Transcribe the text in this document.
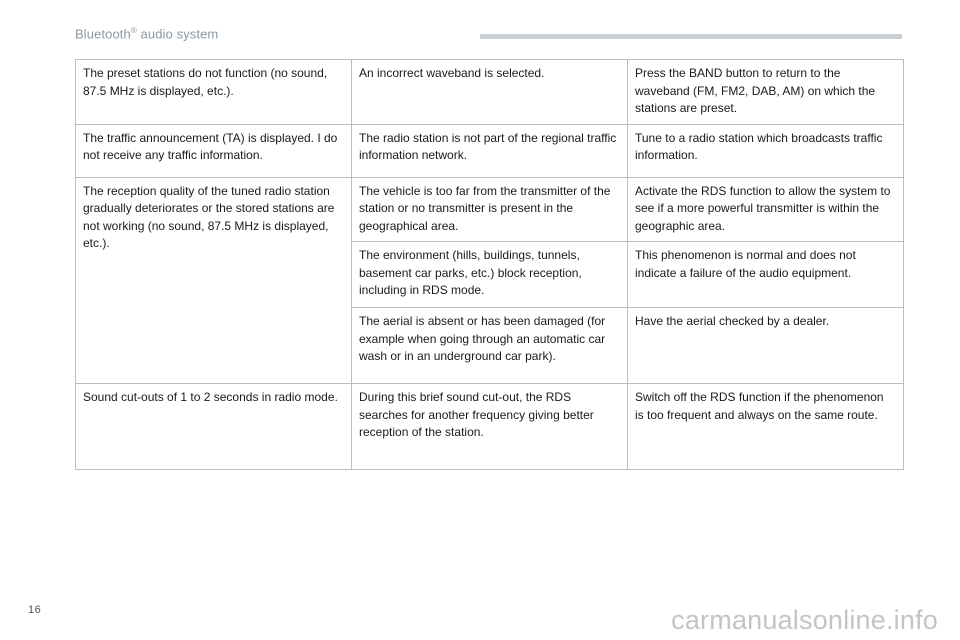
Bluetooth® audio system
The preset stations do not function (no sound, 87.5 MHz is displayed, etc.).	An incorrect waveband is selected.	Press the BAND button to return to the waveband (FM, FM2, DAB, AM) on which the stations are preset.
The traffic announcement (TA) is displayed. I do not receive any traffic information.	The radio station is not part of the regional traffic information network.	Tune to a radio station which broadcasts traffic information.
The reception quality of the tuned radio station gradually deteriorates or the stored stations are not working (no sound, 87.5 MHz is displayed, etc.).	The vehicle is too far from the transmitter of the station or no transmitter is present in the geographical area.	Activate the RDS function to allow the system to see if a more powerful transmitter is within the geographic area.
	The environment (hills, buildings, tunnels, basement car parks, etc.) block reception, including in RDS mode.	This phenomenon is normal and does not indicate a failure of the audio equipment.
	The aerial is absent or has been damaged (for example when going through an automatic car wash or in an underground car park).	Have the aerial checked by a dealer.
Sound cut-outs of 1 to 2 seconds in radio mode.	During this brief sound cut-out, the RDS searches for another frequency giving better reception of the station.	Switch off the RDS function if the phenomenon is too frequent and always on the same route.
16	carmanualsonline.info
